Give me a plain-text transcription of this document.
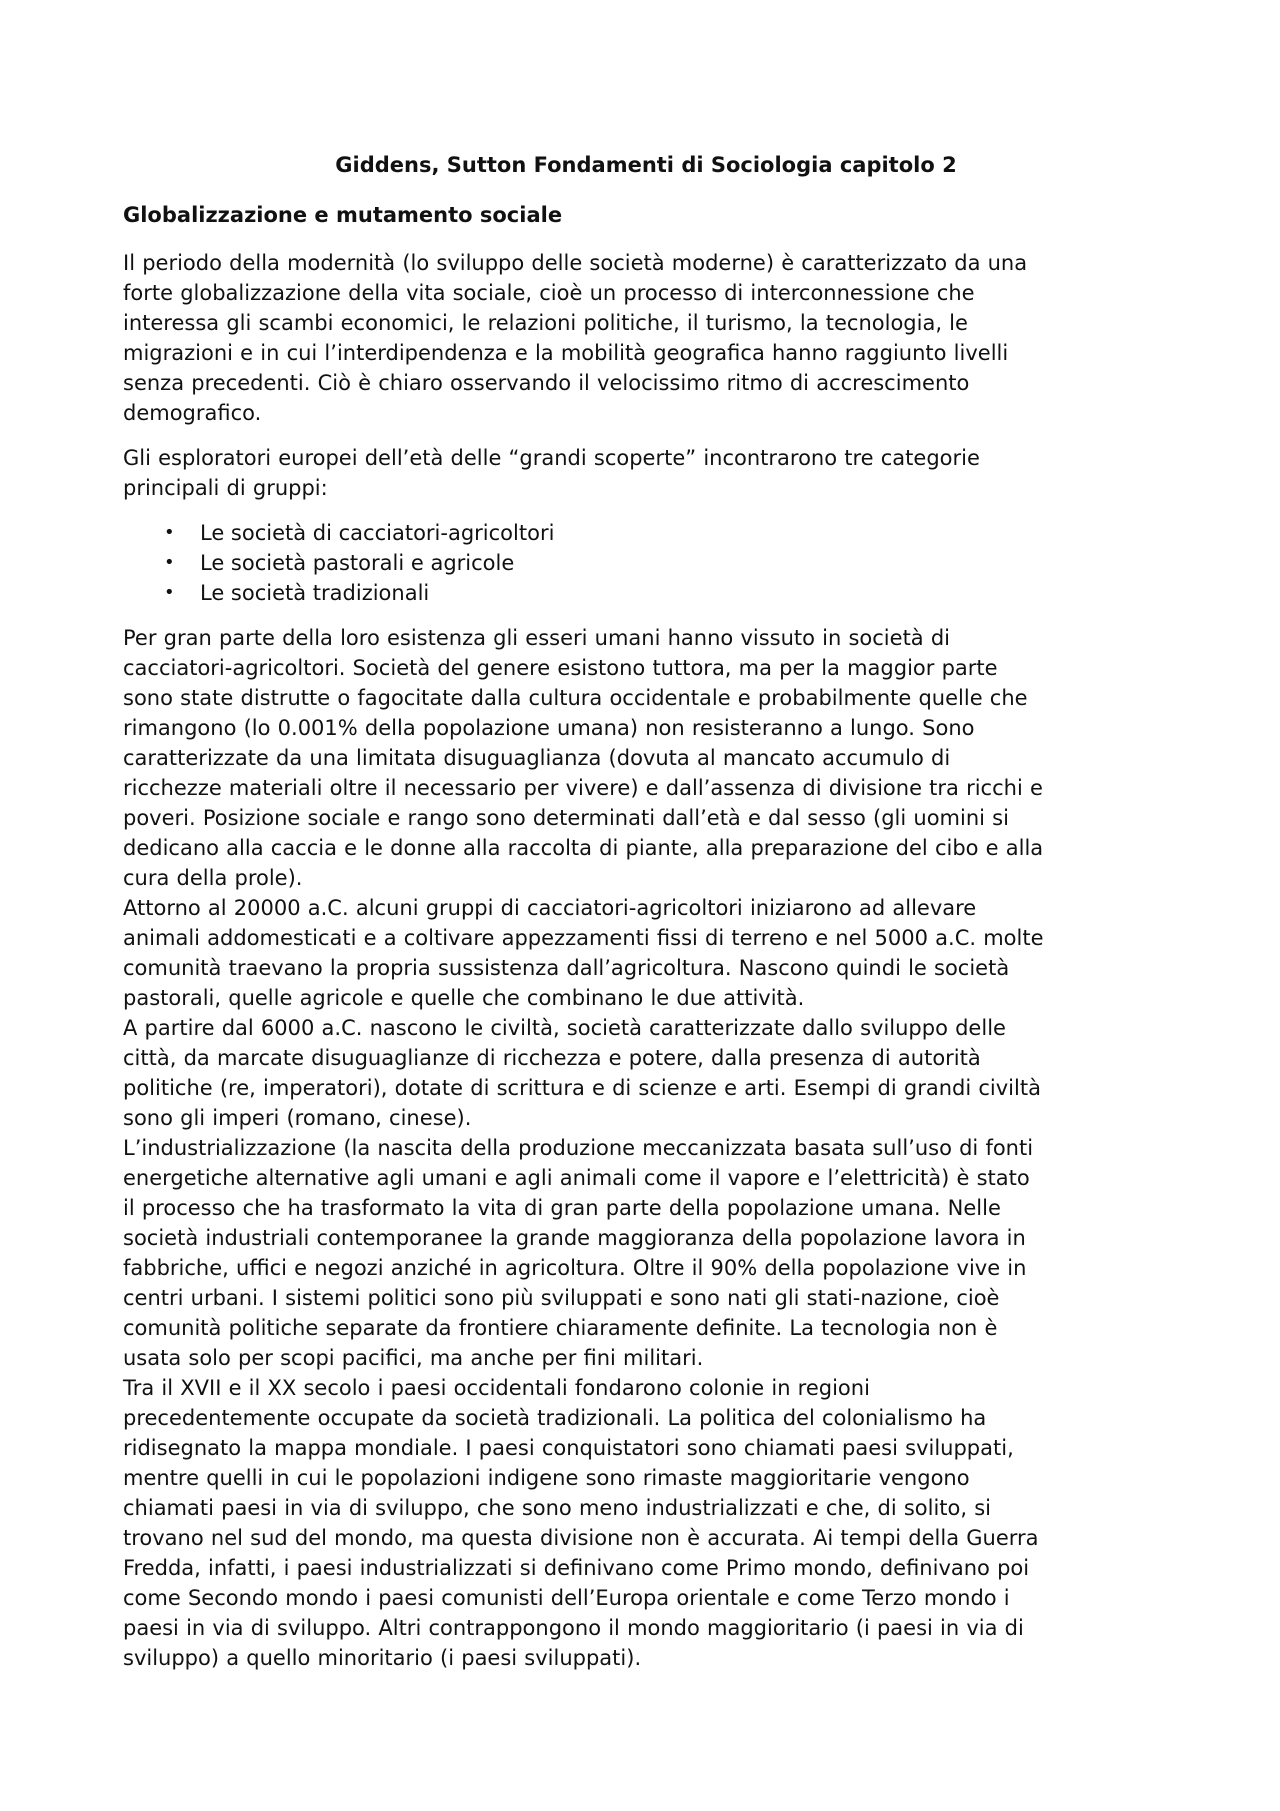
Giddens, Sutton Fondamenti di Sociologia capitolo 2
Globalizzazione e mutamento sociale

Il periodo della modernità (lo sviluppo delle società moderne) è caratterizzato da una
forte globalizzazione della vita sociale, cioè un processo di interconnessione che
interessa gli scambi economici, le relazioni politiche, il turismo, la tecnologia, le
migrazioni e in cui l’interdipendenza e la mobilità geografica hanno raggiunto livelli
senza precedenti. Ciò è chiaro osservando il velocissimo ritmo di accrescimento
demografico.

Gli esploratori europei dell’età delle “grandi scoperte” incontrarono tre categorie
principali di gruppi:

• Le società di cacciatori-agricoltori
• Le società pastorali e agricole
• Le società tradizionali
Per gran parte della loro esistenza gli esseri umani hanno vissuto in società di
cacciatori-agricoltori. Società del genere esistono tuttora, ma per la maggior parte
sono state distrutte o fagocitate dalla cultura occidentale e probabilmente quelle che
rimangono (lo 0.001% della popolazione umana) non resisteranno a lungo. Sono
caratterizzate da una limitata disuguaglianza (dovuta al mancato accumulo di
ricchezze materiali oltre il necessario per vivere) e dall’assenza di divisione tra ricchi e
poveri. Posizione sociale e rango sono determinati dall’età e dal sesso (gli uomini si
dedicano alla caccia e le donne alla raccolta di piante, alla preparazione del cibo e alla
cura della prole).
Attorno al 20000 a.C. alcuni gruppi di cacciatori-agricoltori iniziarono ad allevare
animali addomesticati e a coltivare appezzamenti fissi di terreno e nel 5000 a.C. molte
comunità traevano la propria sussistenza dall’agricoltura. Nascono quindi le società
pastorali, quelle agricole e quelle che combinano le due attività.
A partire dal 6000 a.C. nascono le civiltà, società caratterizzate dallo sviluppo delle
città, da marcate disuguaglianze di ricchezza e potere, dalla presenza di autorità
politiche (re, imperatori), dotate di scrittura e di scienze e arti. Esempi di grandi civiltà
sono gli imperi (romano, cinese).
L’industrializzazione (la nascita della produzione meccanizzata basata sull’uso di fonti
energetiche alternative agli umani e agli animali come il vapore e l’elettricità) è stato
il processo che ha trasformato la vita di gran parte della popolazione umana. Nelle
società industriali contemporanee la grande maggioranza della popolazione lavora in
fabbriche, uffici e negozi anziché in agricoltura. Oltre il 90% della popolazione vive in
centri urbani. I sistemi politici sono più sviluppati e sono nati gli stati-nazione, cioè
comunità politiche separate da frontiere chiaramente definite. La tecnologia non è
usata solo per scopi pacifici, ma anche per fini militari.
Tra il XVII e il XX secolo i paesi occidentali fondarono colonie in regioni
precedentemente occupate da società tradizionali. La politica del colonialismo ha
ridisegnato la mappa mondiale. I paesi conquistatori sono chiamati paesi sviluppati,
mentre quelli in cui le popolazioni indigene sono rimaste maggioritarie vengono
chiamati paesi in via di sviluppo, che sono meno industrializzati e che, di solito, si
trovano nel sud del mondo, ma questa divisione non è accurata. Ai tempi della Guerra
Fredda, infatti, i paesi industrializzati si definivano come Primo mondo, definivano poi
come Secondo mondo i paesi comunisti dell’Europa orientale e come Terzo mondo i
paesi in via di sviluppo. Altri contrappongono il mondo maggioritario (i paesi in via di
sviluppo) a quello minoritario (i paesi sviluppati).
